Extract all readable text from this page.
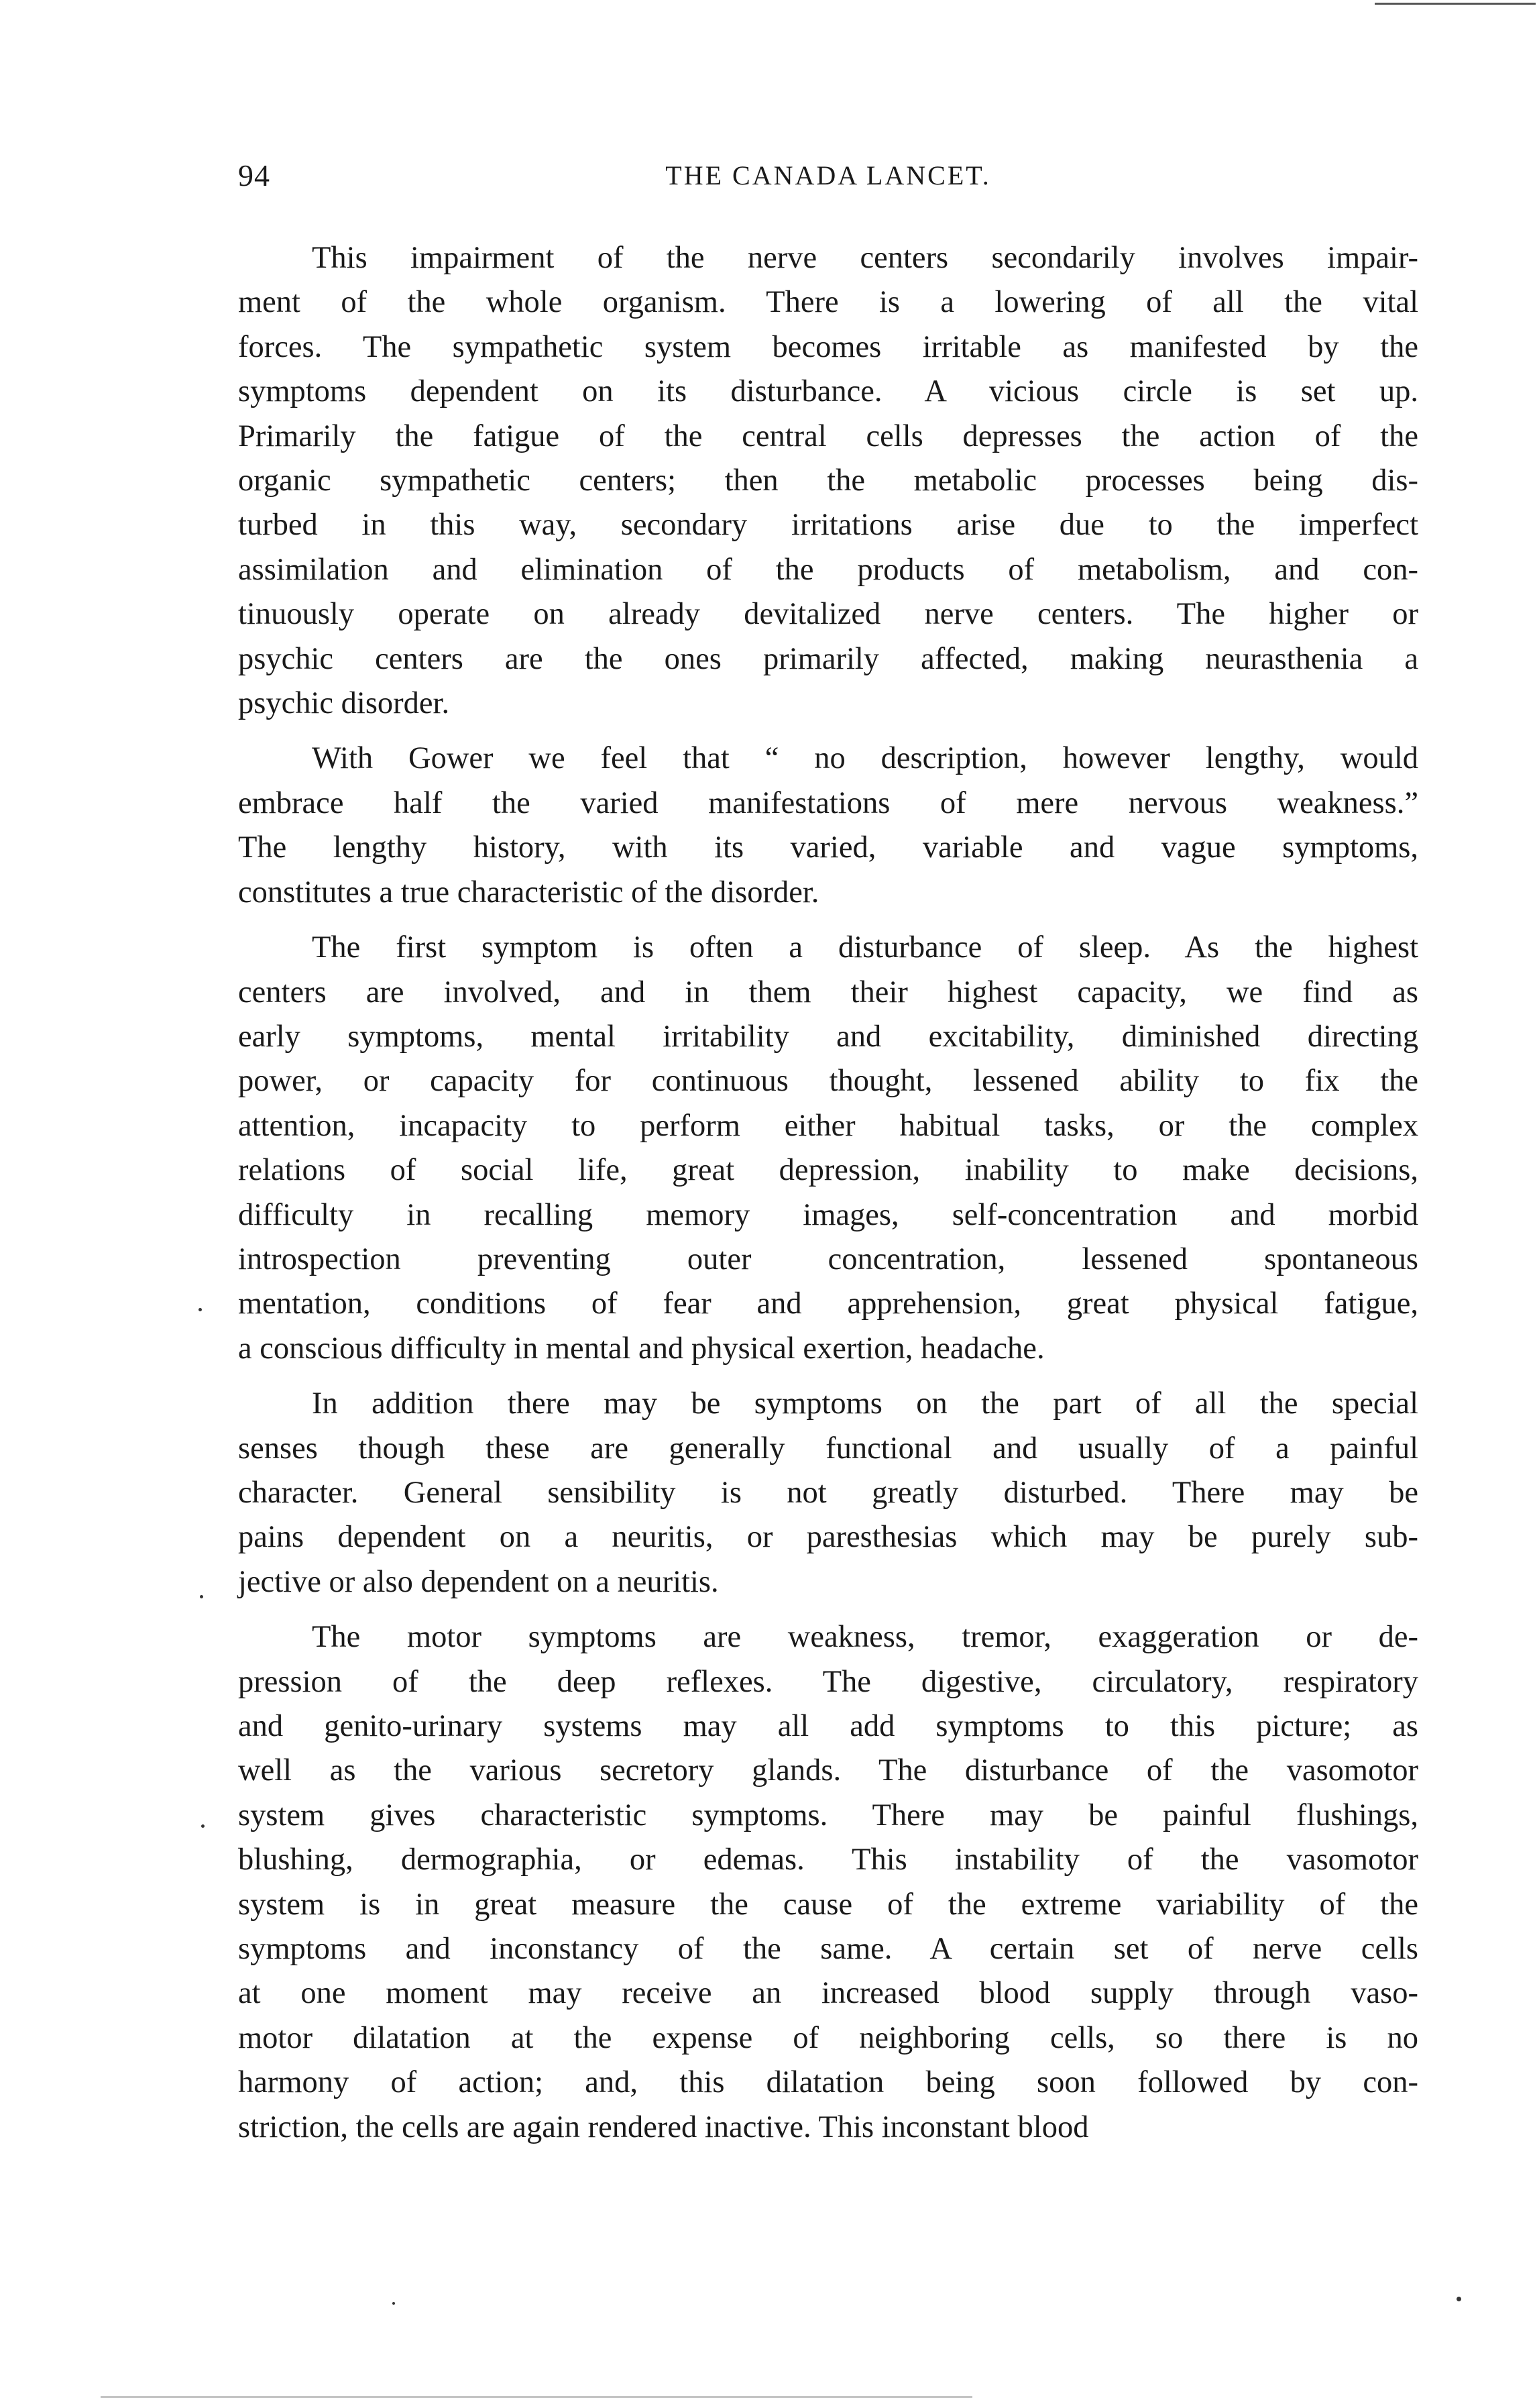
94	THE CANADA LANCET.
This impairment of the nerve centers secondarily involves impair-
ment of the whole organism. There is a lowering of all the vital
forces. The sympathetic system becomes irritable as manifested by the
symptoms dependent on its disturbance. A vicious circle is set up.
Primarily the fatigue of the central cells depresses the action of the
organic sympathetic centers; then the metabolic processes being dis-
turbed in this way, secondary irritations arise due to the imperfect
assimilation and elimination of the products of metabolism, and con-
tinuously operate on already devitalized nerve centers. The higher or
psychic centers are the ones primarily affected, making neurasthenia a
psychic disorder.
With Gower we feel that “ no description, however lengthy, would
embrace half the varied manifestations of mere nervous weakness.”
The lengthy history, with its varied, variable and vague symptoms,
constitutes a true characteristic of the disorder.
The first symptom is often a disturbance of sleep. As the highest
centers are involved, and in them their highest capacity, we find as
early symptoms, mental irritability and excitability, diminished directing
power, or capacity for continuous thought, lessened ability to fix the
attention, incapacity to perform either habitual tasks, or the complex
relations of social life, great depression, inability to make decisions,
difficulty in recalling memory images, self-concentration and morbid
introspection preventing outer concentration, lessened spontaneous
mentation, conditions of fear and apprehension, great physical fatigue,
a conscious difficulty in mental and physical exertion, headache.
In addition there may be symptoms on the part of all the special
senses though these are generally functional and usually of a painful
character. General sensibility is not greatly disturbed. There may be
pains dependent on a neuritis, or paresthesias which may be purely sub-
jective or also dependent on a neuritis.
The motor symptoms are weakness, tremor, exaggeration or de-
pression of the deep reflexes. The digestive, circulatory, respiratory
and genito-urinary systems may all add symptoms to this picture; as
well as the various secretory glands. The disturbance of the vasomotor
system gives characteristic symptoms. There may be painful flushings,
blushing, dermographia, or edemas. This instability of the vasomotor
system is in great measure the cause of the extreme variability of the
symptoms and inconstancy of the same. A certain set of nerve cells
at one moment may receive an increased blood supply through vaso-
motor dilatation at the expense of neighboring cells, so there is no
harmony of action; and, this dilatation being soon followed by con-
striction, the cells are again rendered inactive. This inconstant blood
